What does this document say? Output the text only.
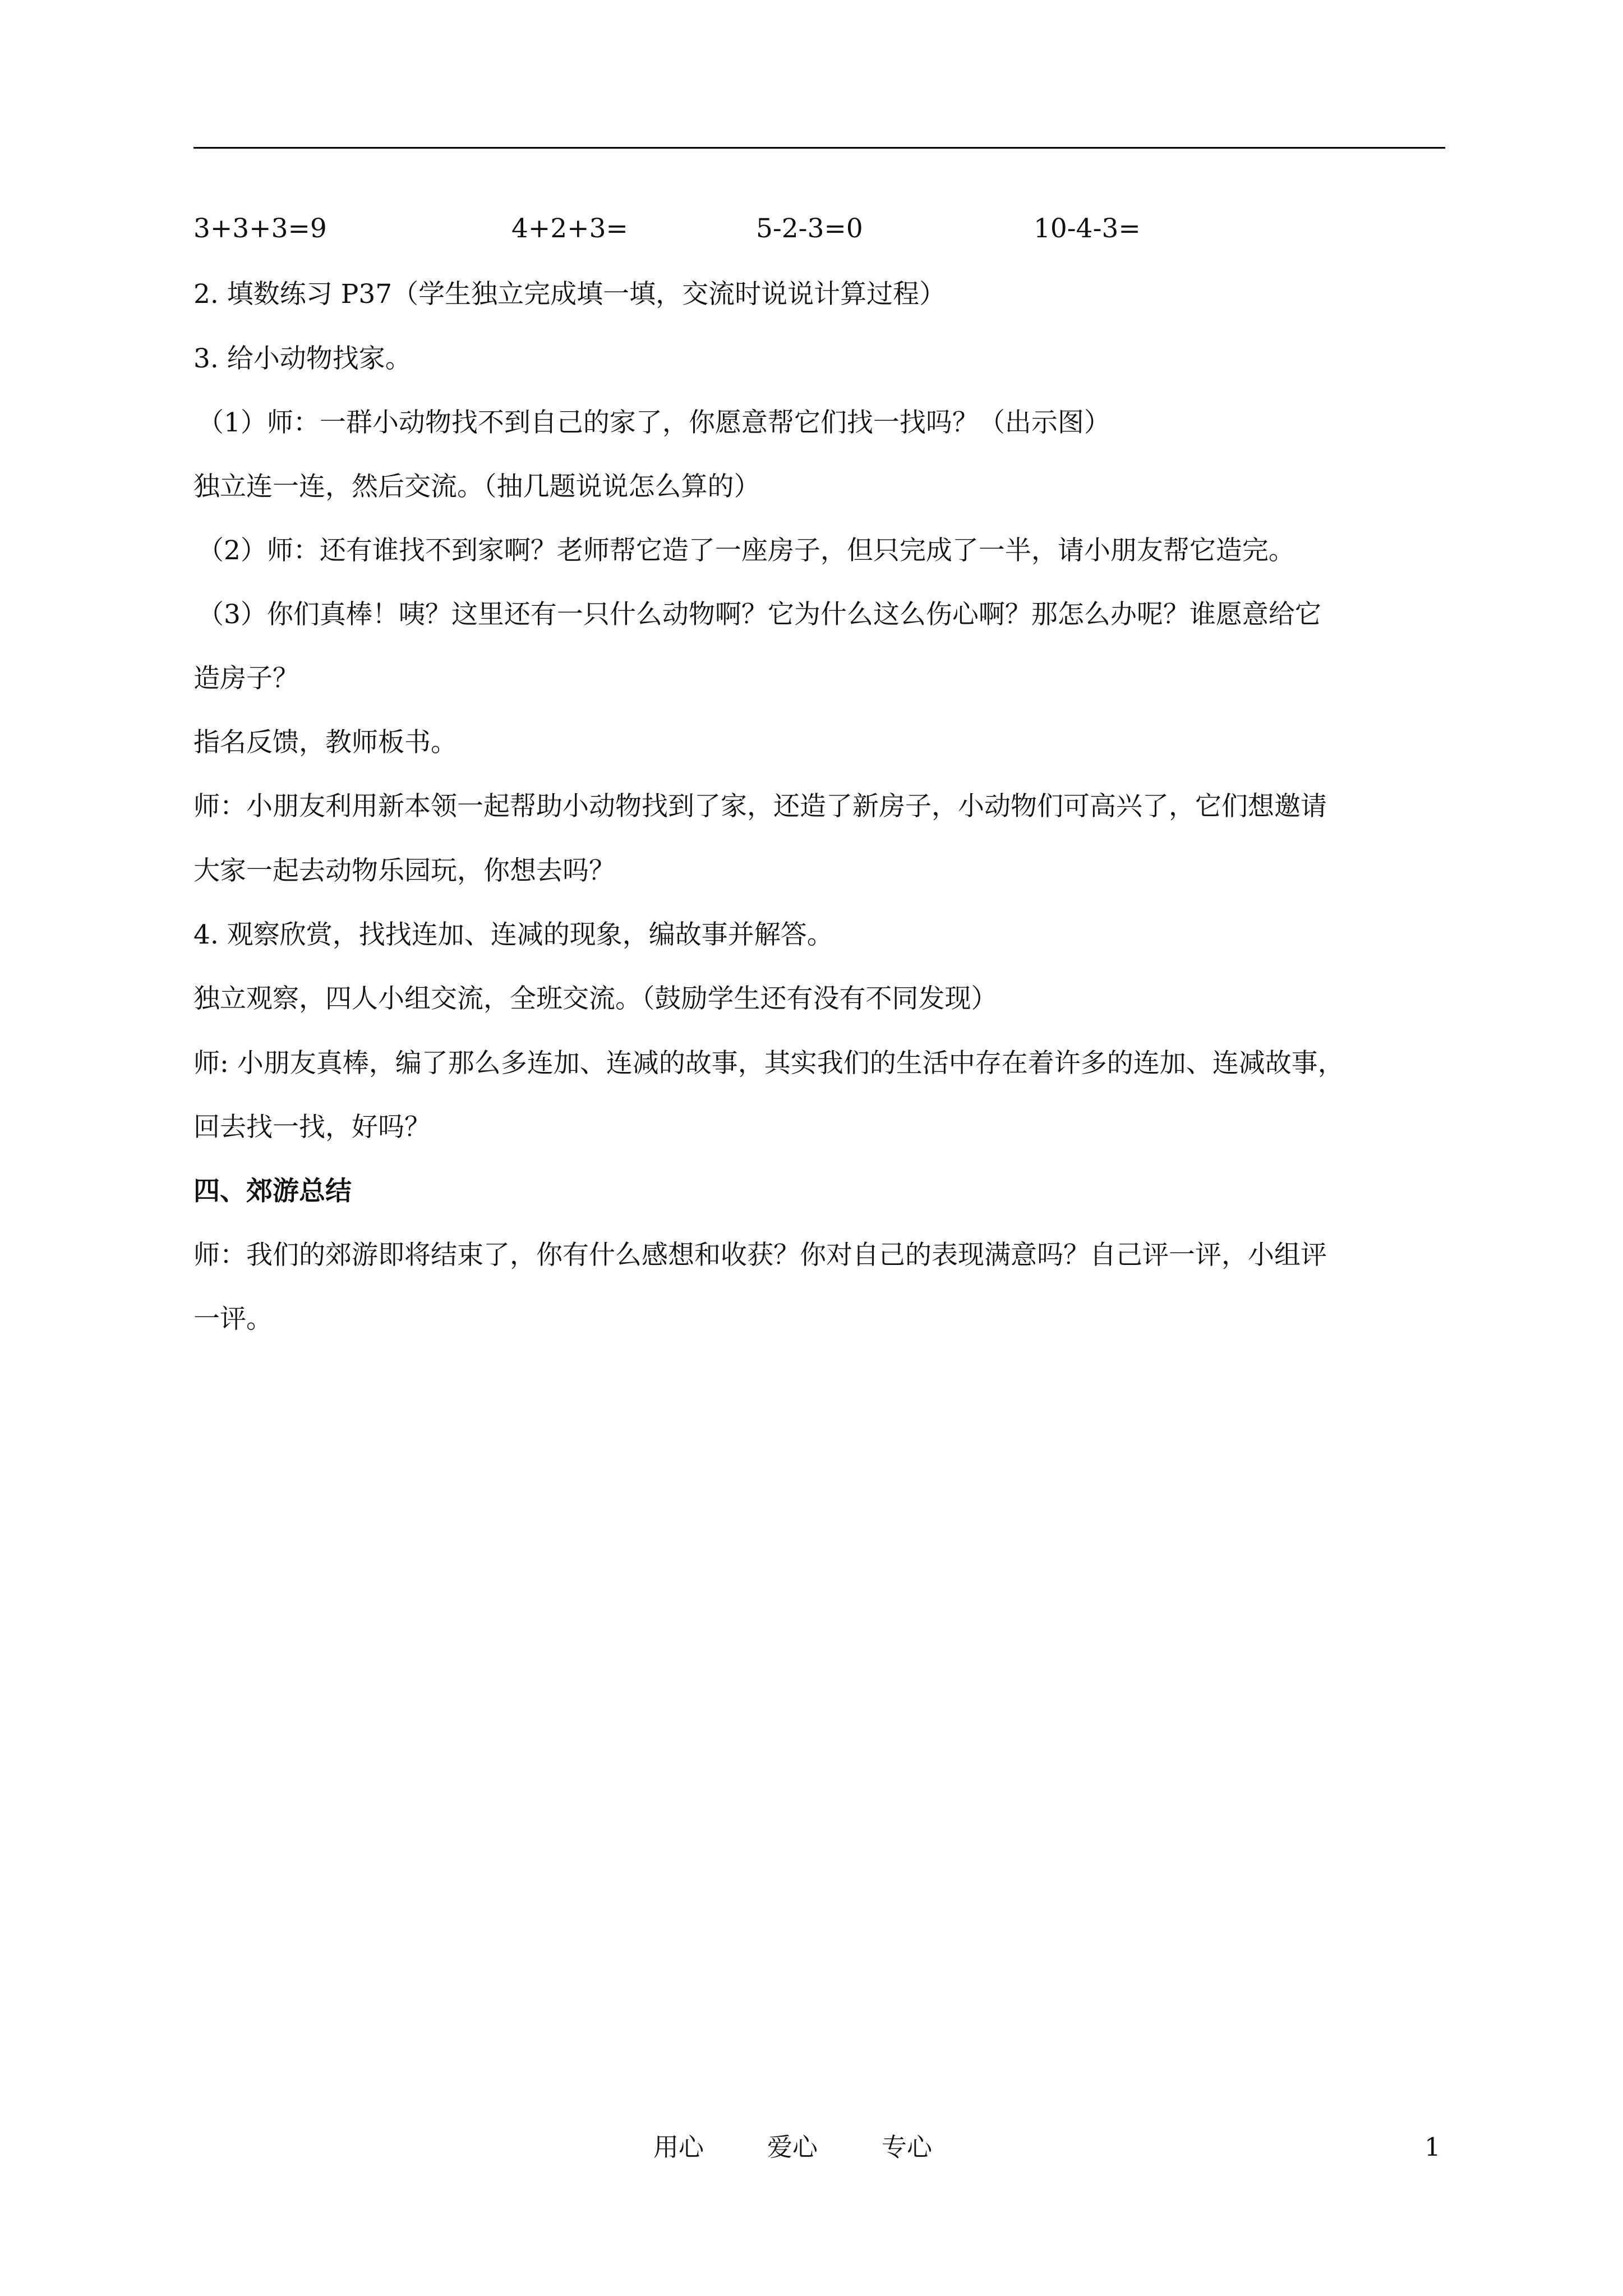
3+3+3=9	4+2+3=	5-2-3=0	10-4-3=
2. 填数练习 P37（学生独立完成填一填，交流时说说计算过程）
3. 给小动物找家。
（1）师：一群小动物找不到自己的家了，你愿意帮它们找一找吗？（出示图）
独立连一连，然后交流。（抽几题说说怎么算的）
（2）师：还有谁找不到家啊？老师帮它造了一座房子，但只完成了一半，请小朋友帮它造完。
（3）你们真棒！咦？这里还有一只什么动物啊？它为什么这么伤心啊？那怎么办呢？谁愿意给它
造房子？
指名反馈，教师板书。
师：小朋友利用新本领一起帮助小动物找到了家，还造了新房子，小动物们可高兴了，它们想邀请
大家一起去动物乐园玩，你想去吗？
4. 观察欣赏，找找连加、连减的现象，编故事并解答。
独立观察，四人小组交流，全班交流。（鼓励学生还有没有不同发现）
师: 小朋友真棒，编了那么多连加、连减的故事，其实我们的生活中存在着许多的连加、连减故事，
回去找一找，好吗？
四、郊游总结
师：我们的郊游即将结束了，你有什么感想和收获？你对自己的表现满意吗？自己评一评，小组评
一评。
用心	爱心	专心	1
